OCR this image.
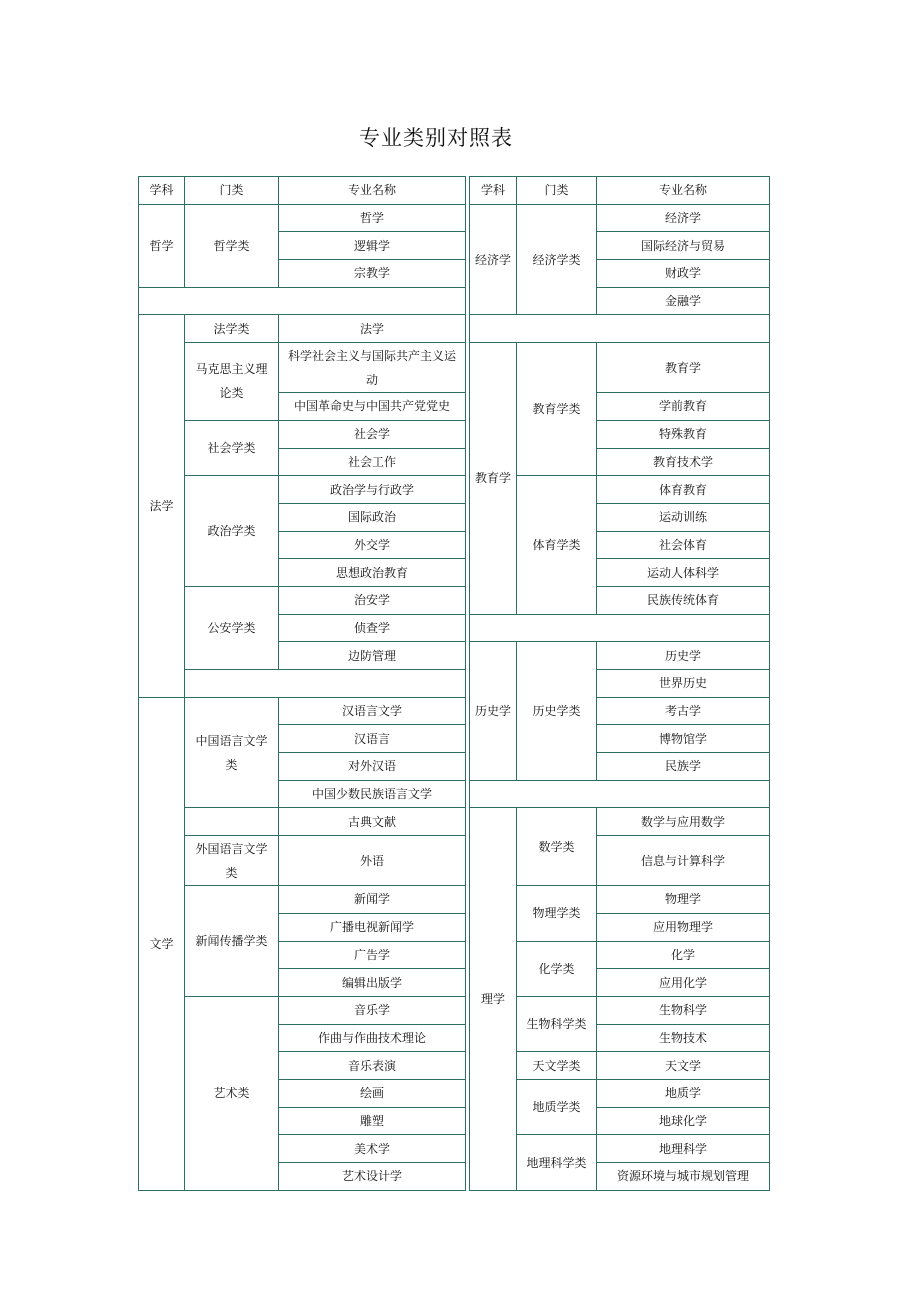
专业类别对照表
学科	门类	专业名称
哲学	哲学类	哲学
		逻辑学
		宗教学

法学	法学类	法学
	马克思主义理论类	科学社会主义与国际共产主义运动
		中国革命史与中国共产党党史
	社会学类	社会学
		社会工作
	政治学类	政治学与行政学
		国际政治
		外交学
		思想政治教育
	公安学类	治安学
		侦查学
		边防管理

文学	中国语言文学类	汉语言文学
		汉语言
		对外汉语
		中国少数民族语言文学
		古典文献
	外国语言文学类	外语
	新闻传播学类	新闻学
		广播电视新闻学
		广告学
		编辑出版学
	艺术类	音乐学
		作曲与作曲技术理论
		音乐表演
		绘画
		雕塑
		美术学
		艺术设计学
学科	门类	专业名称
经济学	经济学类	经济学
		国际经济与贸易
		财政学
		金融学

教育学	教育学类	教育学
		学前教育
		特殊教育
		教育技术学
	体育学类	体育教育
		运动训练
		社会体育
		运动人体科学
		民族传统体育

历史学	历史学类	历史学
		世界历史
		考古学
		博物馆学
		民族学

理学	数学类	数学与应用数学
		信息与计算科学
	物理学类	物理学
		应用物理学
	化学类	化学
		应用化学
	生物科学类	生物科学
		生物技术
	天文学类	天文学
	地质学类	地质学
		地球化学
	地理科学类	地理科学
		资源环境与城市规划管理
